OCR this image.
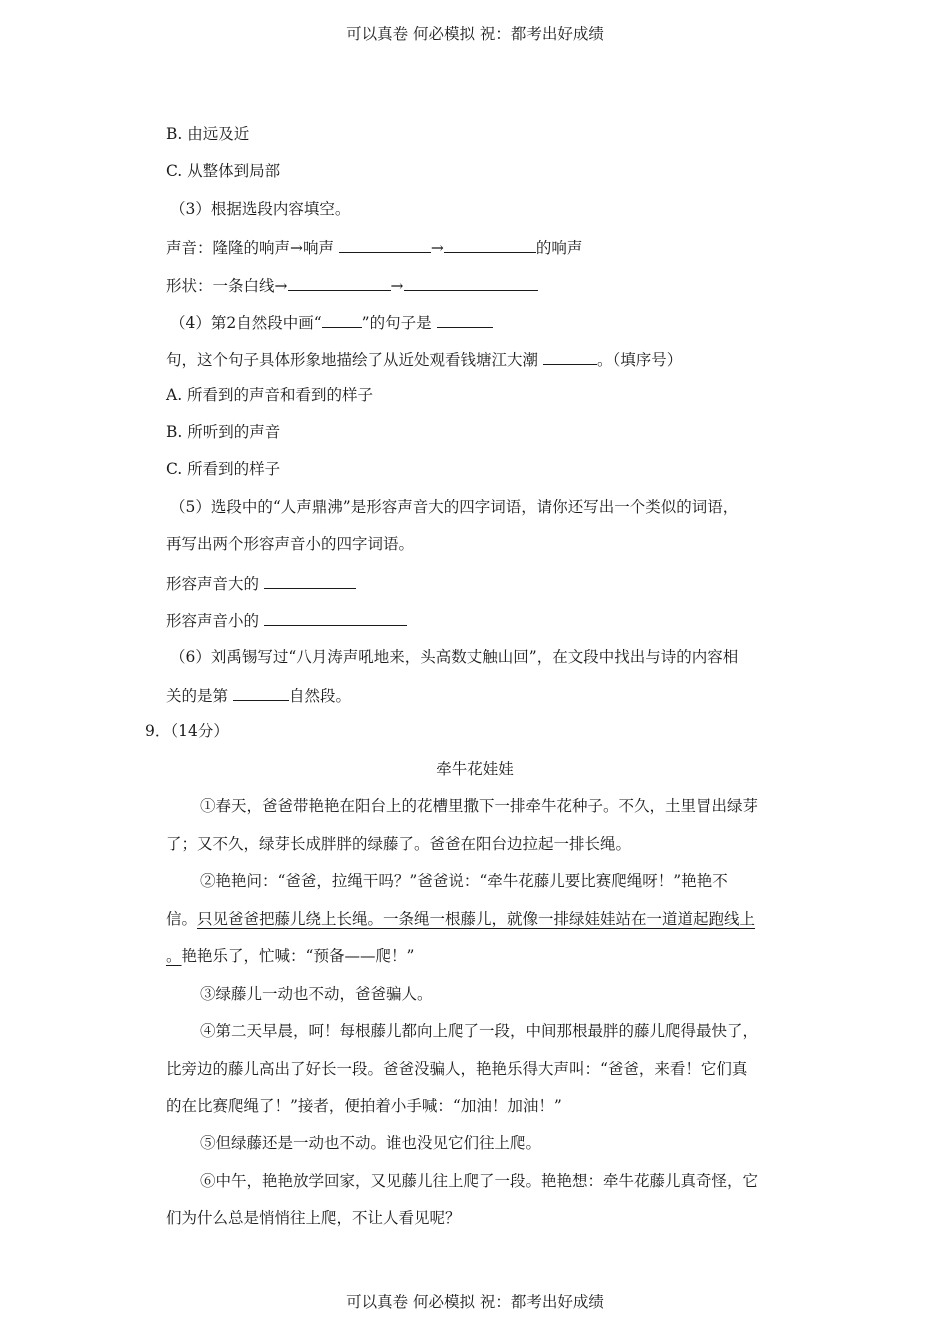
可以真卷 何必模拟 祝：都考出好成绩
B. 由远及近
C. 从整体到局部
（3）根据选段内容填空。
声音：隆隆的响声→响声	→	的响声
形状：一条白线→	→
（4）第2自然段中画“	”的句子是
句，这个句子具体形象地描绘了从近处观看钱塘江大潮	。（填序号）
A. 所看到的声音和看到的样子
B. 所听到的声音
C. 所看到的样子
（5）选段中的“人声鼎沸”是形容声音大的四字词语，请你还写出一个类似的词语，
再写出两个形容声音小的四字词语。
形容声音大的
形容声音小的
（6）刘禹锡写过“八月涛声吼地来，头高数丈触山回”，在文段中找出与诗的内容相
关的是第	自然段。
9．（14分）
牵牛花娃娃
①春天，爸爸带艳艳在阳台上的花槽里撒下一排牵牛花种子。不久，土里冒出绿芽
了；又不久，绿芽长成胖胖的绿藤了。爸爸在阳台边拉起一排长绳。
②艳艳问：“爸爸，拉绳干吗？”爸爸说：“牵牛花藤儿要比赛爬绳呀！”艳艳不
信。只见爸爸把藤儿绕上长绳。一条绳一根藤儿，就像一排绿娃娃站在一道道起跑线上
。艳艳乐了，忙喊：“预备——爬！”
③绿藤儿一动也不动，爸爸骗人。
④第二天早晨，呵！每根藤儿都向上爬了一段，中间那根最胖的藤儿爬得最快了，
比旁边的藤儿高出了好长一段。爸爸没骗人，艳艳乐得大声叫：“爸爸，来看！它们真
的在比赛爬绳了！”接者，便拍着小手喊：“加油！加油！”
⑤但绿藤还是一动也不动。谁也没见它们往上爬。
⑥中午，艳艳放学回家，又见藤儿往上爬了一段。艳艳想：牵牛花藤儿真奇怪，它
们为什么总是悄悄往上爬，不让人看见呢？
可以真卷 何必模拟 祝：都考出好成绩
